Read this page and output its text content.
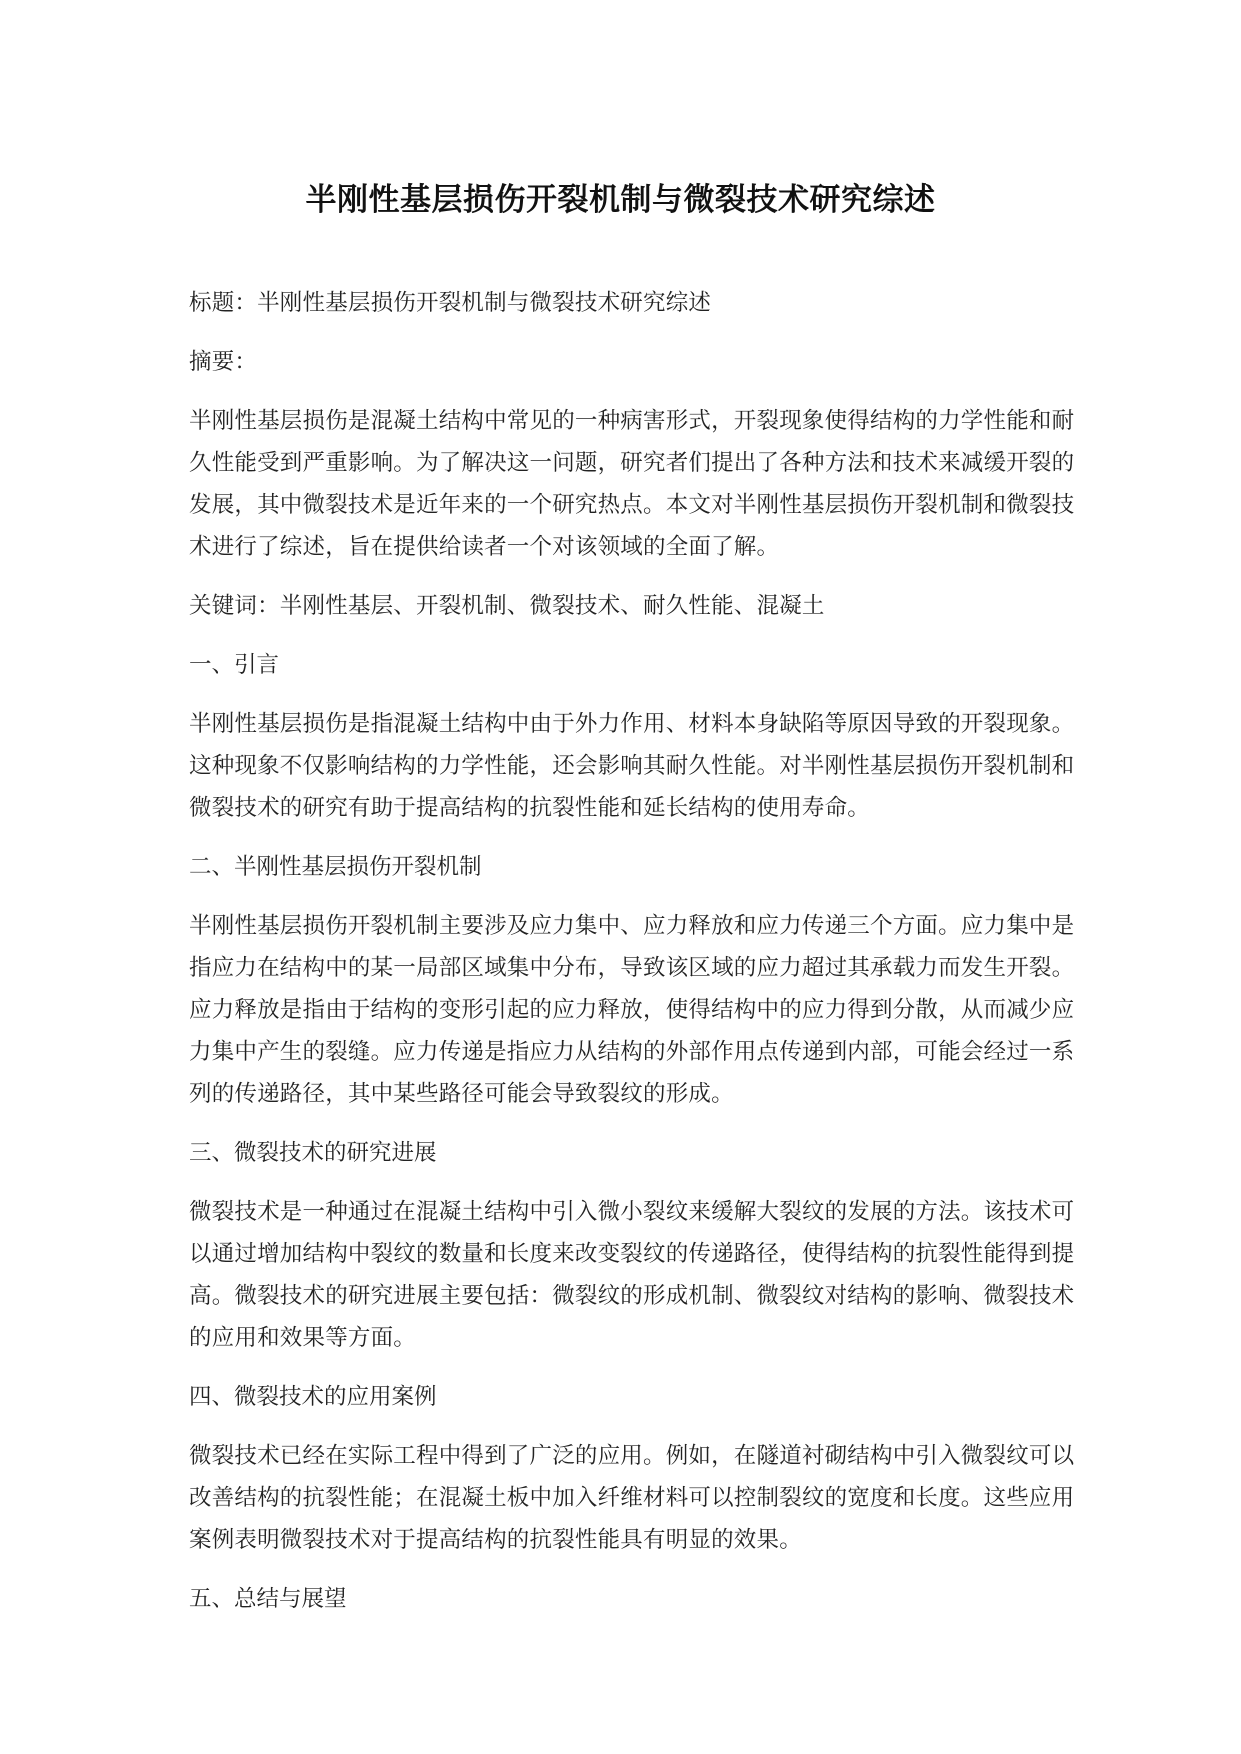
半刚性基层损伤开裂机制与微裂技术研究综述

标题：半刚性基层损伤开裂机制与微裂技术研究综述

摘要：

半刚性基层损伤是混凝土结构中常见的一种病害形式，开裂现象使得结构的力学性能和耐久性能受到严重影响。为了解决这一问题，研究者们提出了各种方法和技术来减缓开裂的发展，其中微裂技术是近年来的一个研究热点。本文对半刚性基层损伤开裂机制和微裂技术进行了综述，旨在提供给读者一个对该领域的全面了解。

关键词：半刚性基层、开裂机制、微裂技术、耐久性能、混凝土

一、引言

半刚性基层损伤是指混凝土结构中由于外力作用、材料本身缺陷等原因导致的开裂现象。这种现象不仅影响结构的力学性能，还会影响其耐久性能。对半刚性基层损伤开裂机制和微裂技术的研究有助于提高结构的抗裂性能和延长结构的使用寿命。

二、半刚性基层损伤开裂机制

半刚性基层损伤开裂机制主要涉及应力集中、应力释放和应力传递三个方面。应力集中是指应力在结构中的某一局部区域集中分布，导致该区域的应力超过其承载力而发生开裂。应力释放是指由于结构的变形引起的应力释放，使得结构中的应力得到分散，从而减少应力集中产生的裂缝。应力传递是指应力从结构的外部作用点传递到内部，可能会经过一系列的传递路径，其中某些路径可能会导致裂纹的形成。

三、微裂技术的研究进展

微裂技术是一种通过在混凝土结构中引入微小裂纹来缓解大裂纹的发展的方法。该技术可以通过增加结构中裂纹的数量和长度来改变裂纹的传递路径，使得结构的抗裂性能得到提高。微裂技术的研究进展主要包括：微裂纹的形成机制、微裂纹对结构的影响、微裂技术的应用和效果等方面。

四、微裂技术的应用案例

微裂技术已经在实际工程中得到了广泛的应用。例如，在隧道衬砌结构中引入微裂纹可以改善结构的抗裂性能；在混凝土板中加入纤维材料可以控制裂纹的宽度和长度。这些应用案例表明微裂技术对于提高结构的抗裂性能具有明显的效果。

五、总结与展望
